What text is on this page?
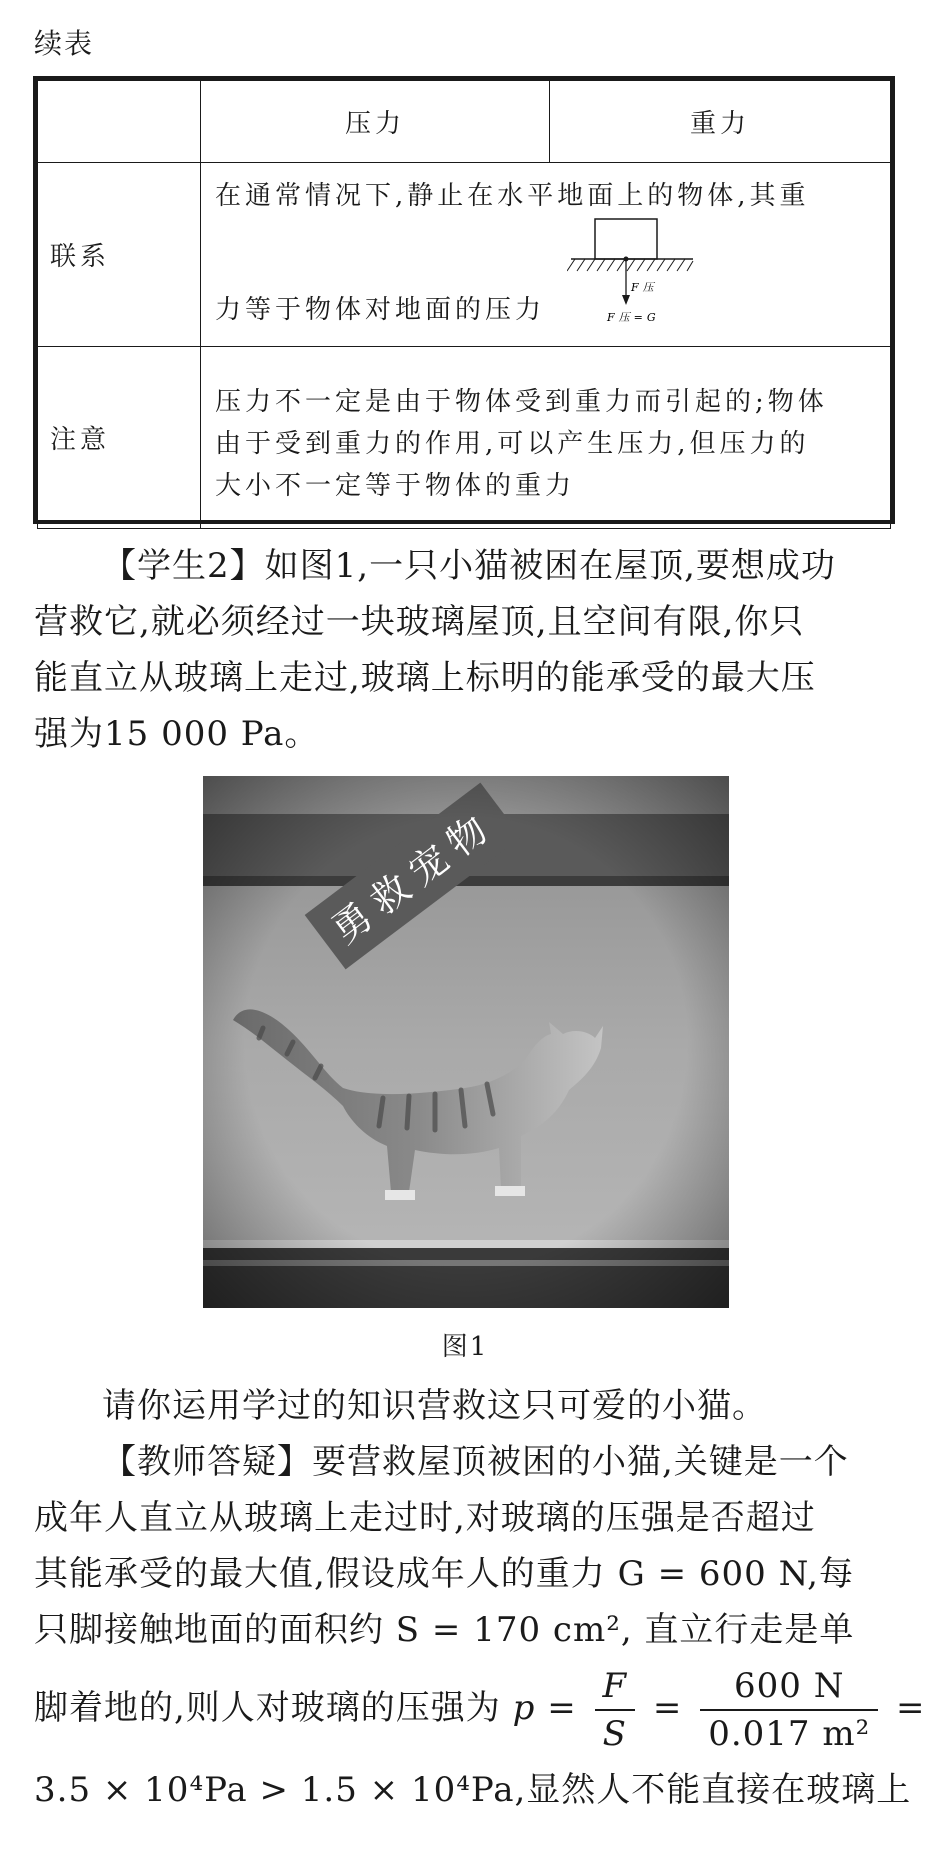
续表
	压力	重力
联系	在通常情况下,静止在水平地面上的物体,其重
力等于物体对地面的压力
F压
F压=G	

注意	压力不一定是由于物体受到重力而引起的;物体
由于受到重力的作用,可以产生压力,但压力的
大小不一定等于物体的重力	
【学生2】如图1,一只小猫被困在屋顶,要想成功
营救它,就必须经过一块玻璃屋顶,且空间有限,你只
能直立从玻璃上走过,玻璃上标明的能承受的最大压
强为15 000 Pa。
图1
请你运用学过的知识营救这只可爱的小猫。
【教师答疑】要营救屋顶被困的小猫,关键是一个
成年人直立从玻璃上走过时,对玻璃的压强是否超过
其能承受的最大值,假设成年人的重力 G = 600 N,每
只脚接触地面的面积约 S = 170 cm², 直立行走是单
脚着地的,则人对玻璃的压强为 $p = \frac{F}{S} = \frac{600 N}{\text{0.017 m²}}$ =
3.5 × 10⁴Pa > 1.5 × 10⁴Pa,显然人不能直接在玻璃上
